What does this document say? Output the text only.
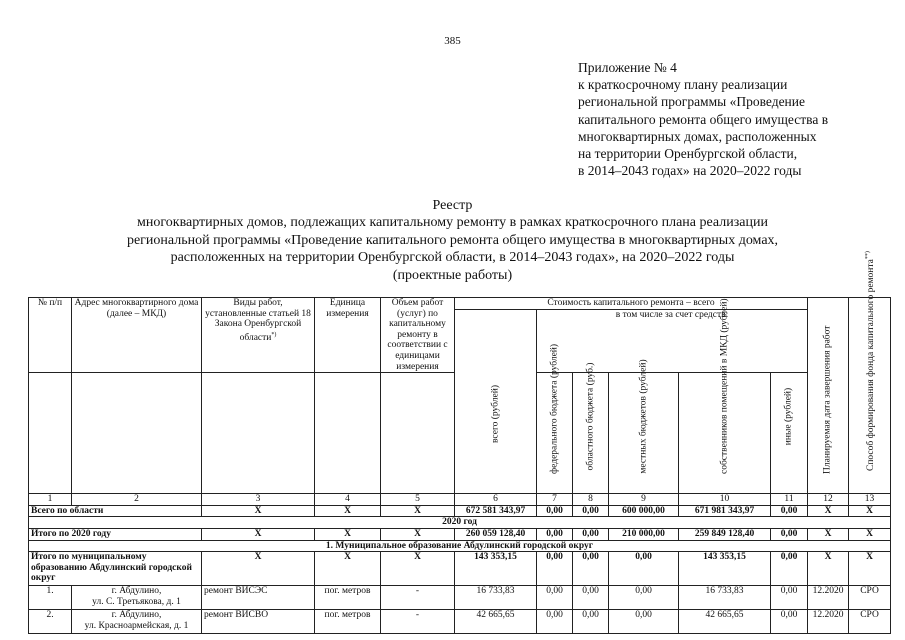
385
Приложение № 4
к краткосрочному плану реализации
региональной программы «Проведение
капитального ремонта общего имущества в
многоквартирных домах, расположенных
на территории Оренбургской области,
в 2014–2043 годах» на 2020–2022 годы
Реестр
многоквартирных домов, подлежащих капитальному ремонту в рамках краткосрочного плана реализации
региональной программы «Проведение капитального ремонта общего имущества в многоквартирных домах,
расположенных на территории Оренбургской области, в 2014–2043 годах», на 2020–2022 годы
(проектные работы)
№ п/п	Адрес многоквартирного дома (далее – МКД)	Виды работ, установленные статьей 18 Закона Оренбургской области*)	Единица измерения	Объем работ (услуг) по капитальному ремонту в соответствии с единицами измерения	Стоимость капитального ремонта – всего						Планируемая дата завершения работ	Способ формирования фонда капитального ремонта**)

					всего (рублей)	в том числе за счет средств:						

						федерального бюджета (рублей)	областного бюджета (руб.)	местных бюджетов (рублей)	собственников помещений в МКД (рублей)	иные (рублей)		

1	2	3	4	5	6	7	8	9	10	11	12	13
Всего по области		Х	Х	Х	672 581 343,97	0,00	0,00	600 000,00	671 981 343,97	0,00	Х	Х
2020 год												
Итого по 2020 году		Х	Х	Х	260 059 128,40	0,00	0,00	210 000,00	259 849 128,40	0,00	Х	Х
1. Муниципальное образование Абдулинский городской округ												
Итого по муниципальному образованию Абдулинский городской округ		Х	Х	Х	143 353,15	0,00	0,00	0,00	143 353,15	0,00	Х	Х
1.	г. Абдулино,
ул. С. Третьякова, д. 1	ремонт ВИСЭС	пог. метров	-	16 733,83	0,00	0,00	0,00	16 733,83	0,00	12.2020	СРО
2.	г. Абдулино,
ул. Красноармейская, д. 1	ремонт ВИСВО	пог. метров	-	42 665,65	0,00	0,00	0,00	42 665,65	0,00	12.2020	СРО
